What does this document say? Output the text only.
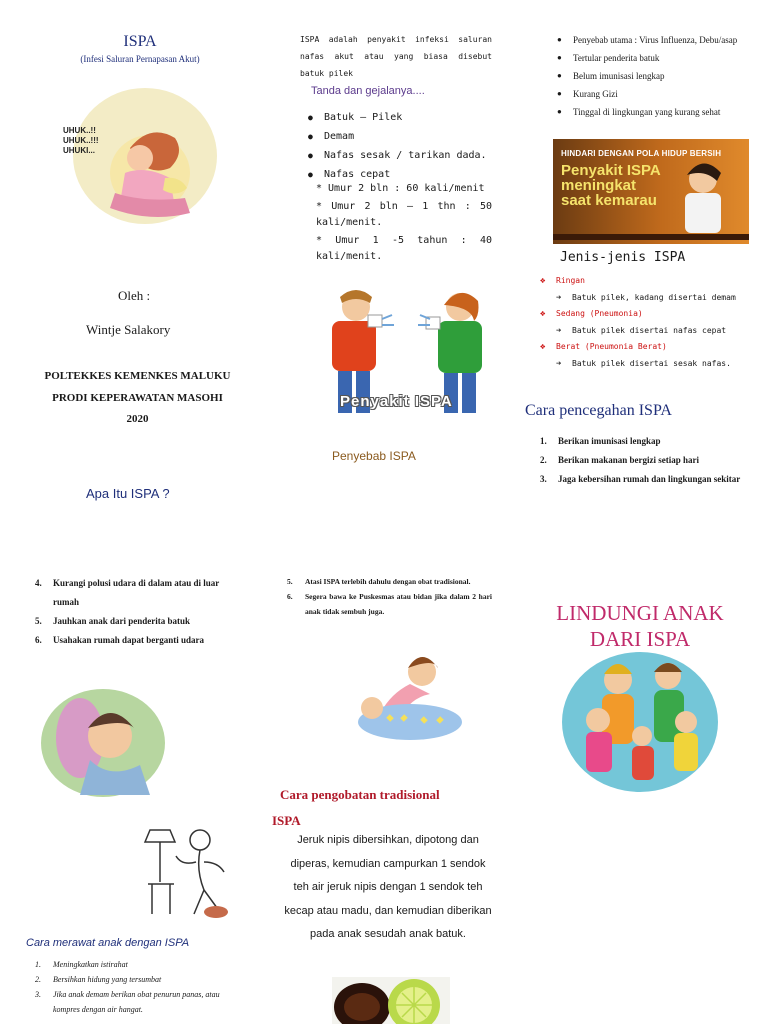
ISPA
(Infesi Saluran Pernapasan Akut)
UHUK..!!
UHUK..!!!
UHUKI...
Oleh :
Wintje Salakory
POLTEKKES KEMENKES MALUKU
PRODI KEPERAWATAN MASOHI
2020
Apa Itu ISPA ?
ISPA adalah penyakit infeksi saluran nafas akut atau yang biasa disebut batuk pilek
Tanda dan gejalanya....
● Batuk – Pilek
● Demam
● Nafas sesak / tarikan dada.
● Nafas cepat
* Umur 2 bln : 60 kali/menit
* Umur 2 bln – 1 thn : 50 kali/menit.
* Umur 1 -5 tahun : 40 kali/menit.
Penyakit ISPA
Penyebab ISPA
● Penyebab utama : Virus Influenza, Debu/asap
● Tertular penderita batuk
● Belum imunisasi lengkap
● Kurang Gizi
● Tinggal di lingkungan yang kurang sehat
HINDARI DENGAN POLA HIDUP BERSIH
Penyakit ISPA
meningkat
saat kemarau
Jenis-jenis ISPA
❖ Ringan
➔ Batuk pilek, kadang disertai demam
❖ Sedang (Pneumonia)
➔ Batuk pilek disertai nafas cepat
❖ Berat (Pneumonia Berat)
➔ Batuk pilek disertai sesak nafas.
Cara pencegahan ISPA
1. Berikan imunisasi lengkap
2. Berikan makanan bergizi setiap hari
3. Jaga kebersihan rumah dan lingkungan sekitar
4. Kurangi polusi udara di dalam atau di luar rumah
5. Jauhkan anak dari penderita batuk
6. Usahakan rumah dapat berganti udara
Cara merawat anak dengan ISPA
1. Meningkatkan istirahat
2. Bersihkan hidung yang tersumbat
3. Jika anak demam berikan obat penurun panas, atau kompres dengan air hangat.
5. Atasi ISPA terlebih dahulu dengan obat tradisional.
6. Segera bawa ke Puskesmas atau bidan jika dalam 2 hari anak tidak sembuh juga.
Cara pengobatan tradisional
ISPA
Jeruk nipis dibersihkan, dipotong dan diperas, kemudian campurkan 1 sendok teh air jeruk nipis dengan 1 sendok teh kecap atau madu, dan kemudian diberikan pada anak sesudah anak batuk.
LINDUNGI ANAK
DARI ISPA
